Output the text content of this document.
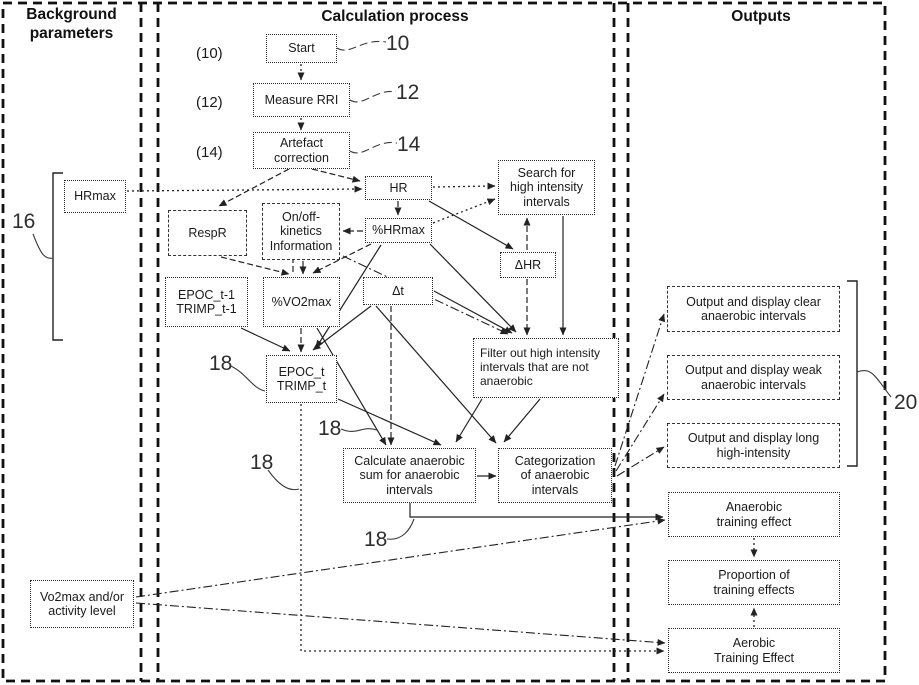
Background
parameters
Calculation process	Outputs
(10)
(12)
(14)
10
12
14
16
18
18
18
18
20
HRmax
Vo2max and/or
activity level
Start
Measure RRI
Artefact
correction
HR
RespR
On/off-
kinetics
Information
%HRmax
Search for
high intensity
intervals
ΔHR
EPOC_t-1
TRIMP_t-1
%VO2max
Δt
Filter out high intensity
intervals that are not
anaerobic
EPOC_t
TRIMP_t
Calculate anaerobic
sum for anaerobic
intervals
Categorization
of anaerobic
intervals
Output and display clear
anaerobic intervals
Output and display weak
anaerobic intervals
Output and display long
high-intensity
Anaerobic
training effect
Proportion of
training effects
Aerobic
Training Effect
